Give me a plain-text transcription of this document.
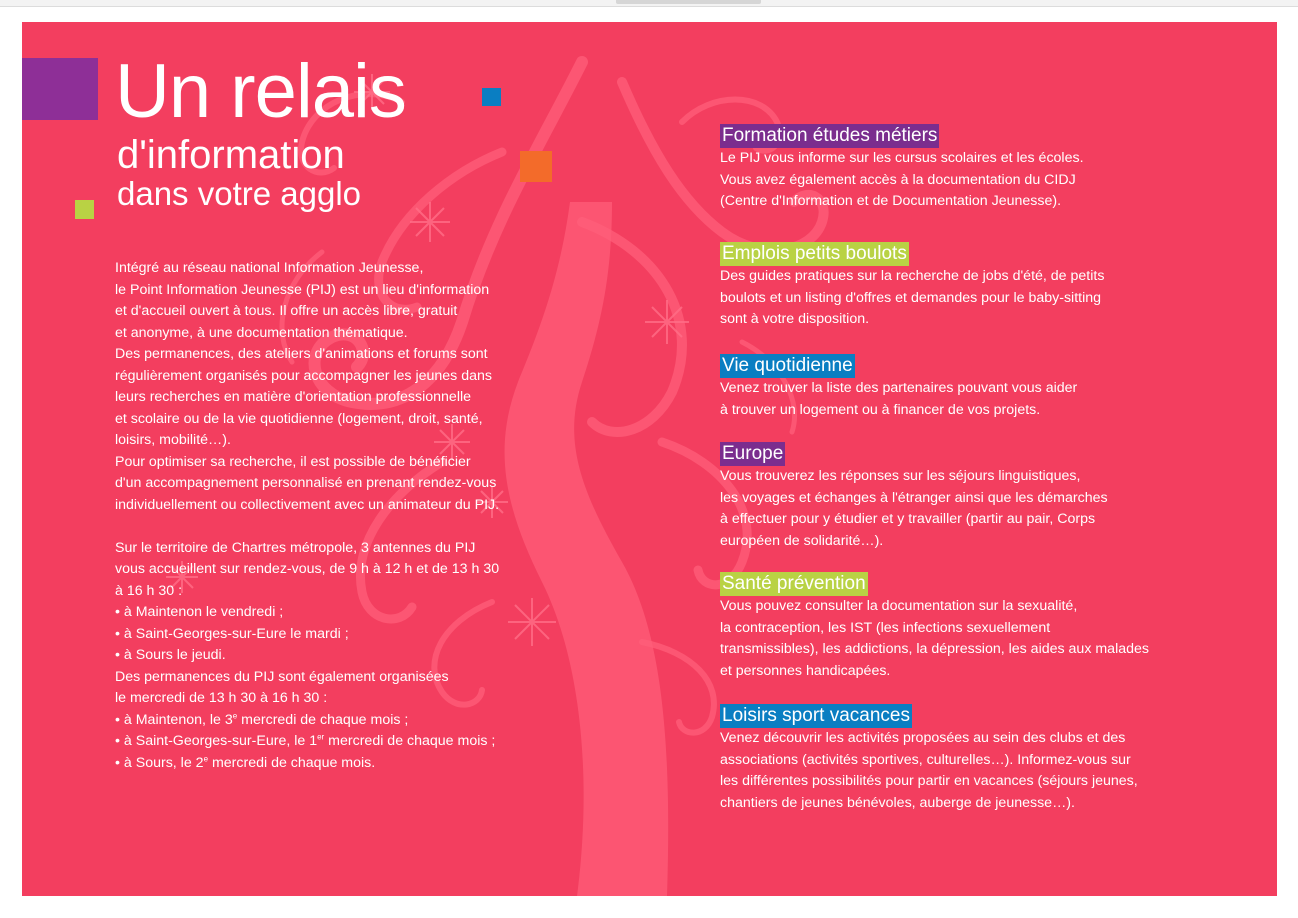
Un relais
d'information
dans votre agglo

Intégré au réseau national Information Jeunesse,

le Point Information Jeunesse (PIJ) est un lieu d'information

et d'accueil ouvert à tous. Il offre un accès libre, gratuit

et anonyme, à une documentation thématique.

Des permanences, des ateliers d'animations et forums sont

régulièrement organisés pour accompagner les jeunes dans

leurs recherches en matière d'orientation professionnelle

et scolaire ou de la vie quotidienne (logement, droit, santé,

loisirs, mobilité…).

Pour optimiser sa recherche, il est possible de bénéficier

d'un accompagnement personnalisé en prenant rendez-vous

individuellement ou collectivement avec un animateur du PIJ.

Sur le territoire de Chartres métropole, 3 antennes du PIJ

vous accueillent sur rendez-vous, de 9 h à 12 h et de 13 h 30

à 16 h 30 :

• à Maintenon le vendredi ;

• à Saint-Georges-sur-Eure le mardi ;

• à Sours le jeudi.

Des permanences du PIJ sont également organisées

le mercredi de 13 h 30 à 16 h 30 :

• à Maintenon, le 3e mercredi de chaque mois ;

• à Saint-Georges-sur-Eure, le 1er mercredi de chaque mois ;

• à Sours, le 2e mercredi de chaque mois.

Formation études métiers

Le PIJ vous informe sur les cursus scolaires et les écoles.
Vous avez également accès à la documentation du CIDJ
(Centre d'Information et de Documentation Jeunesse).

Emplois petits boulots

Des guides pratiques sur la recherche de jobs d'été, de petits
boulots et un listing d'offres et demandes pour le baby-sitting
sont à votre disposition.

Vie quotidienne

Venez trouver la liste des partenaires pouvant vous aider
à trouver un logement ou à financer de vos projets.

Europe

Vous trouverez les réponses sur les séjours linguistiques,
les voyages et échanges à l'étranger ainsi que les démarches
à effectuer pour y étudier et y travailler (partir au pair, Corps
européen de solidarité…).

Santé prévention

Vous pouvez consulter la documentation sur la sexualité,
la contraception, les IST (les infections sexuellement
transmissibles), les addictions, la dépression, les aides aux malades
et personnes handicapées.

Loisirs sport vacances

Venez découvrir les activités proposées au sein des clubs et des
associations (activités sportives, culturelles…). Informez-vous sur
les différentes possibilités pour partir en vacances (séjours jeunes,
chantiers de jeunes bénévoles, auberge de jeunesse…).
